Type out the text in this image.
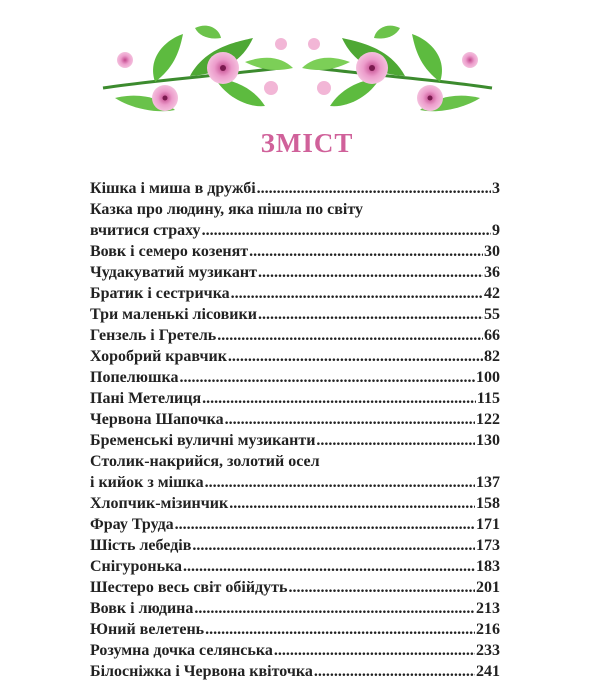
ЗМІСТ
Кішка і миша в дружбі .....	3
Казка про людину, яка пішла по світу
вчитися страху .....	9
Вовк і семеро козенят .....	30
Чудакуватий музикант .....	36
Братик і сестричка .....	42
Три маленькі лісовики .....	55
Гензель і Гретель .....	66
Хоробрий кравчик .....	82
Попелюшка .....	100
Пані Метелиця .....	115
Червона Шапочка .....	122
Бременські вуличні музиканти .....	130
Столик-накрийся, золотий осел
і кийок з мішка .....	137
Хлопчик-мізинчик .....	158
Фрау Труда .....	171
Шість лебедів .....	173
Снігуронька .....	183
Шестеро весь світ обійдуть .....	201
Вовк і людина .....	213
Юний велетень .....	216
Розумна дочка селянська .....	233
Білосніжка і Червона квіточка .....	241
